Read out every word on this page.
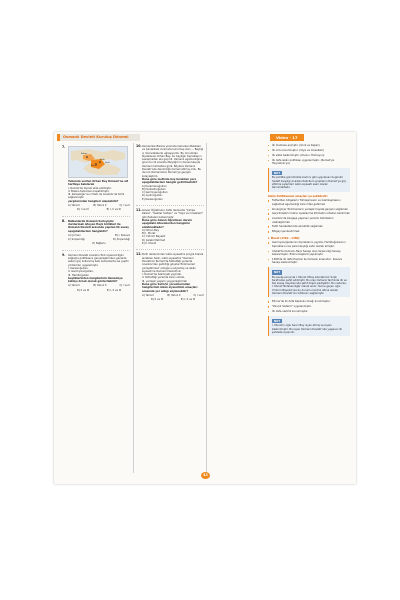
Osmanlı Devleti Kuruluş Dönemi	Video - 17
7.
Bursa
İznik
İzmit
Edirne
Yukarıda verilen Orhan Bey Dönemi'ne ait haritaya bakılarak
I. Rumeli'de toprak elde edilmiştir.
II. Bizans tamamen kuşatılmıştır.
III. Karesioğlu'nun ilhakı ile Anadolu'da birlik sağlanmıştır.
yargılarından hangileri ulaşılabilir?
A) Yalnız I	B) Yalnız II	C) I ve II
D) I ve III	E) I, II ve III
8. Balkanlarda Osmanlı ilerleyişini durdurmak isteyen Haçlı birlikleri ile Osmanlı Devleti arasında yapılan ilk savaş aşağıdakilerden hangisidir?
A) Çirmen	B) I. Kosova
C) Sırpsındığı	D) Sırpsındığı
E) Niğbolu
9. Osmanlı Devleti Anadolu Türk siyasi birliğini sağlama politikasını gerçekleştirirken genelde askerî güç kullanmış bazı zamanlarda ise çeşitli yöntemler uygulamıştır.
I. Karesioğulları,
II. Germiyanoğulları,
III. Hamitoğulları
beyliklerinden hangilerinin Osmanlıya katılışı örnek olarak gösterilebilir?
A) Yalnız I	B) Yalnız II	C) I ve II
D) II ve III	E) I, II ve III
10. Osmanlılar Bizans yönünde ilerlerken Balıkesir ve Çanakkale civarında kurulmuş olan — Beyliği iç mücadelelerle uğraşıyordu. Bu durumdan faydalanan Orhan Bey, bu beyliğin topraklarını savaşmadan ele geçirdi. Osmanlı egemenliğine giren bu ilk Anadolu Beyliği'nin donanmasıyla Osmanlı hizmetine girdi. Böylece Osmanlı Devleti'nde denizciliğin temeli atılmış oldu. Bu durum Osmanlıların Rumeli'ye geçişini kolaylaştırdı.
Buna göre metinde boş bırakılan yere aşağıdakilerden hangisi getirilmelidir?
A) Karamanoğulları
B) Dulkadiroğulları
C) Germiyanoğulları
D) Aydınoğulları
E) Karesioğulları
11. Güvan Öğretmeni, tahtı derslerde "Çimpe Kalesi", "Gazilar Sultanı" ve "Yaya ve müsellem" gibi ifadeleri kullanmıştır.
Buna göre Güvan Öğretmen dersin aşağıdaki dönemlerden hangisini anlatmaktadır?
A) Orhan Bey
B) I. Murat
C) Yıldırım Beyazıt
D) Çelebi Mehmet
E) II. Murat
12. Tarih derslerinden iskân siyasetini progra tılarak anlatılan Selin, iskân siyasetini "Osmanlı Devletinin Rumeli'de fethettiği yerlerde Anadolu'dan getirdiği göçebe Türkmenleri yerleştirmesi" olduğunu söylemiş ve iskân siyaseti ile Osmanlı Devleti'nin
I. Rumeli'de İslamiyeti yaymak,
II. fethettiği yerlerde kalıcı olmak,
III. yerleşik yaşamı yaygınlaştırmak
Buna göre Selin'in yorumlarından hangilerinin iskân siyasetinin amaçları arasında yer aldığı söylenebilir?
A) Yalnız I	B) Yalnız II	C) I ve II
D) II ve III	E) I, II ve III
İlk medrese açmıştır. (İznik ve Kapalı)
İlk ordu kurulmuştur. (Yaya ve müsellem)
İlk sikke bastırılmıştır. (Divan-ı Hümayun)
İlk defa iskân politikası uygulanmıştır. (Rumeli'ye Hayrabolu'ya)
NOT
Bu politika günümüzde kısmını gibi uygulanan bugünkü hedefi karşılığı Anadolu'daki Rum gruplarını Rumeli'ye göç ettirme eylemleri iskân siyaseti eseri olarak tanınmaktadır.
İskân Politikasının amaçları şu şekildedir:
Fethedilen bölgelerin Türkleşmesini ve İslamlaşmasını sağlamak egemenliği kalıcı hâle getirmek
Konargöçer Türkmenlerin yerleşik hayata geçişini sağlamak
Geçirilmiştirin halkın ayaklanma ihtimalini ortadan kaldırmak
Anadolu'da kargaşa yaşanan yerlerin tehlikeden uzaklaştırmak
Fetih hareketlerinde süreklilik sağlamak
Bölgeyi şenlendirmek
I. Murat (1362 - 1389)
Germiyanoğullarının topraklarını çeyizle, Hamitoğullarının topraklarını ise para karşılığı satın alarak almıştır.
Ulubat'ta Osmanlı-Haçlı Savaşı olan Sırpsındığı Savaşı kazanılmıştır. Edirne başkent yapılmıştır.
1389'da ilk defa Haçlılar ile Osmanlı arasında I. Kosova Savaşı kazanılmıştır.
NOT
Bu savaş sonunda I. Murat, Miloş adındaki bir Sırplı tarafından şehit edilmiştir. Bu olay Osmanlı tarihinde ilk ve tek savaş meydanında şehit düşen padişahtır. Bu nedenle, I. Murat Hüdavendigâr olarak anılır. Yerine geçen oğlu Yıldırım Bayezid ise bu durumu kontrol altına alarak Osmanlı Devleti'nin iktidarını sağlamıştır.
Edirne'de ilk defa Kapıkulu Ocağı kurulmuştur.
"Pençik Sistemi" uygulanmıştır.
İlk defa vezirlik kurulmuştur.
NOT
I. Murat'ın oğlu Savcı Bey isyan etmiş ve isyanı bastırılmıştır. Bu isyan Osmanlı Devleti'nde yaşanan ilk şehzade isyanıdır.
43
